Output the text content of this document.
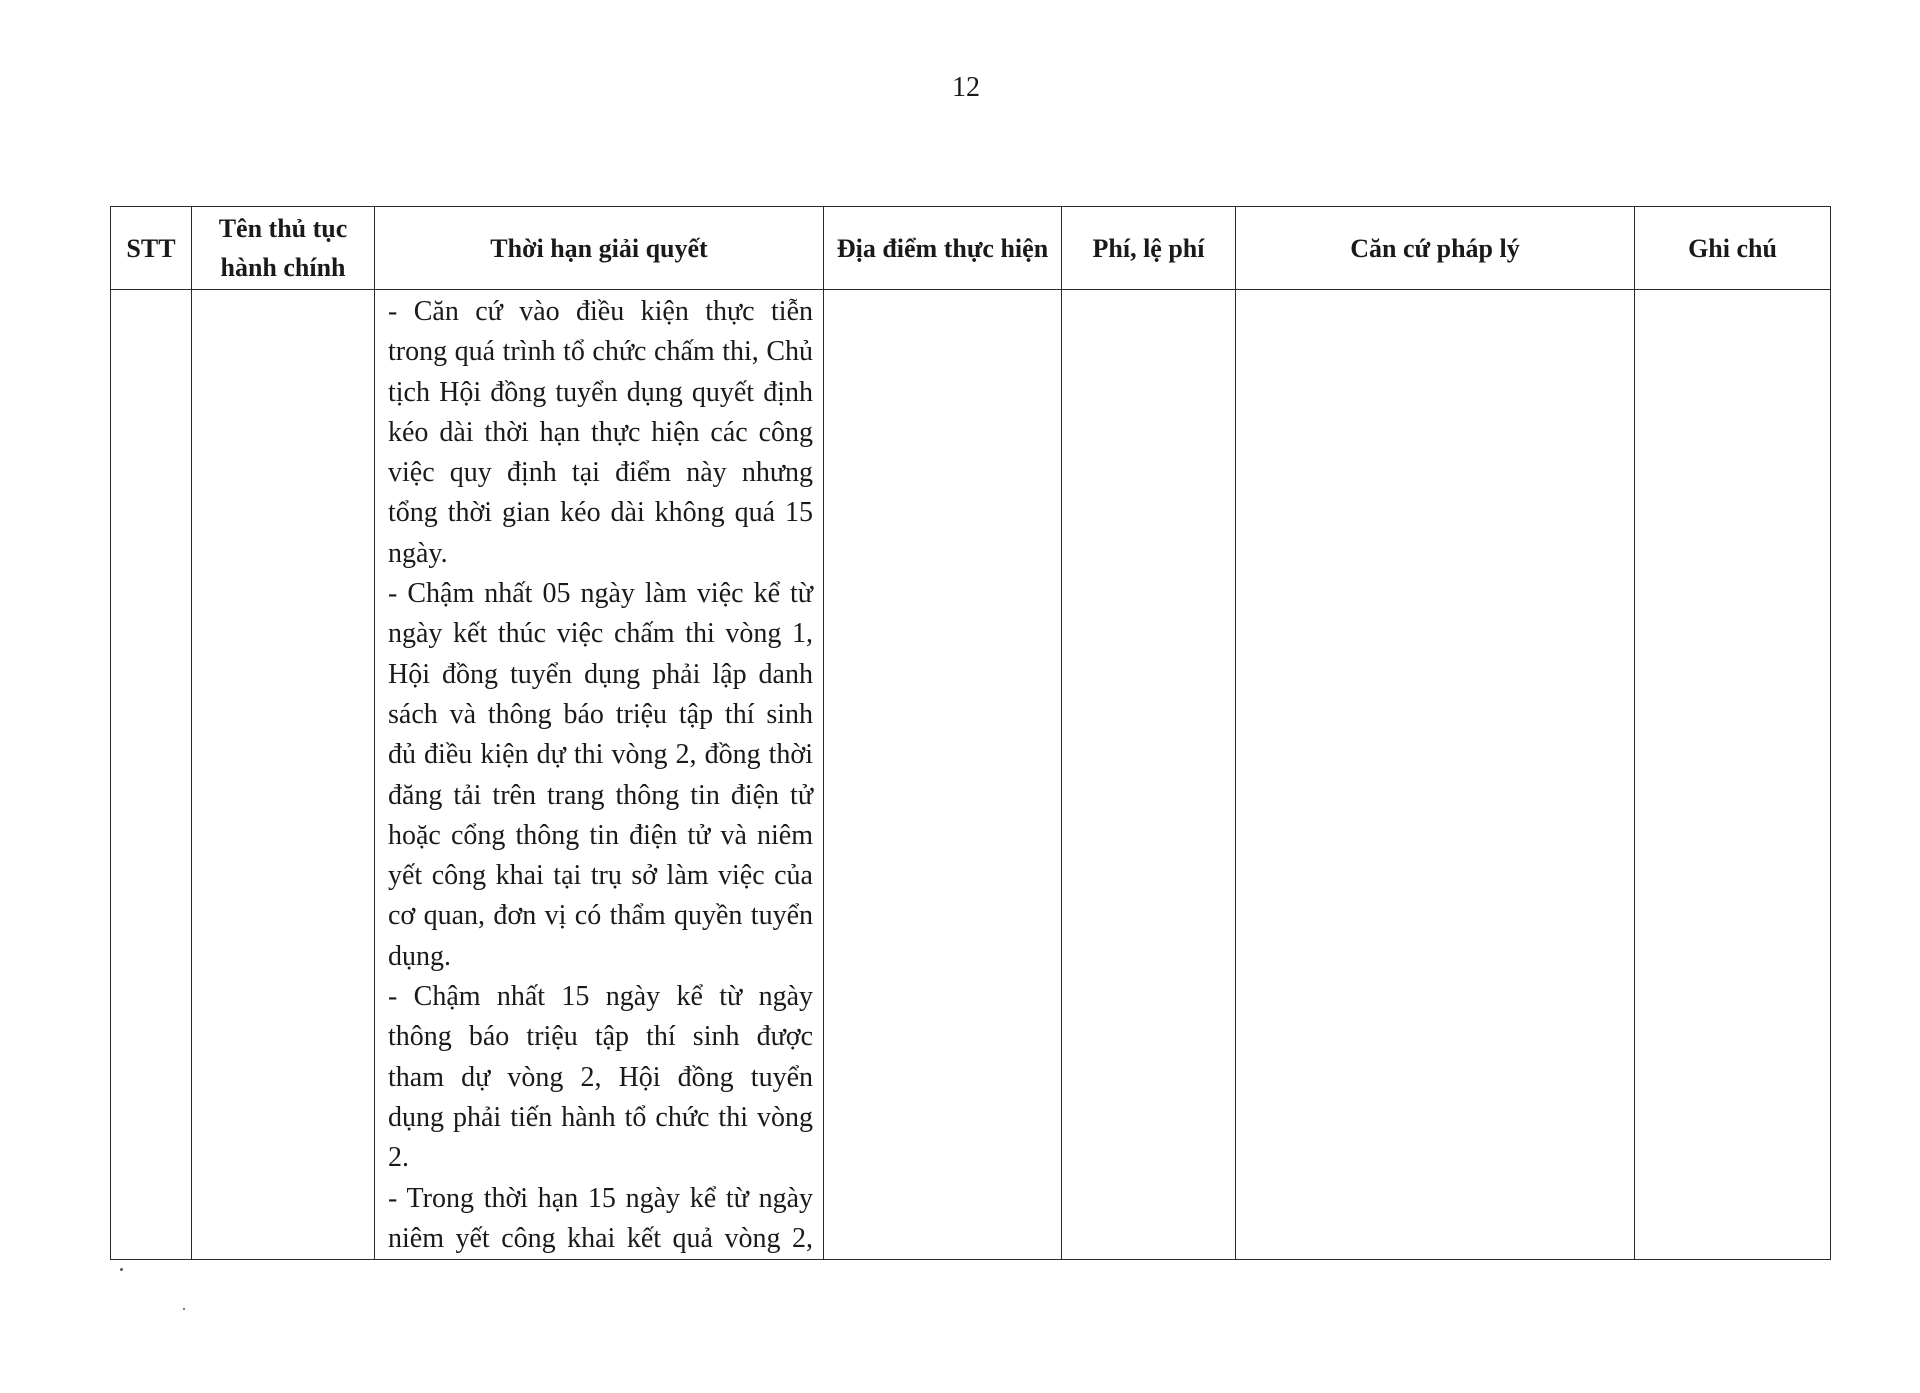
12
STT	Tên thủ tục hành chính	Thời hạn giải quyết	Địa điểm thực hiện	Phí, lệ phí	Căn cứ pháp lý	Ghi chú

		- Căn cứ vào điều kiện thực tiễn trong quá trình tổ chức chấm thi, Chủ tịch Hội đồng tuyển dụng quyết định kéo dài thời hạn thực hiện các công việc quy định tại điểm này nhưng tổng thời gian kéo dài không quá 15 ngày.
- Chậm nhất 05 ngày làm việc kể từ ngày kết thúc việc chấm thi vòng 1, Hội đồng tuyển dụng phải lập danh sách và thông báo triệu tập thí sinh đủ điều kiện dự thi vòng 2, đồng thời đăng tải trên trang thông tin điện tử hoặc cổng thông tin điện tử và niêm yết công khai tại trụ sở làm việc của cơ quan, đơn vị có thẩm quyền tuyển dụng.
- Chậm nhất 15 ngày kể từ ngày thông báo triệu tập thí sinh được tham dự vòng 2, Hội đồng tuyển dụng phải tiến hành tổ chức thi vòng 2.
- Trong thời hạn 15 ngày kể từ ngày niêm yết công khai kết quả vòng 2,				
